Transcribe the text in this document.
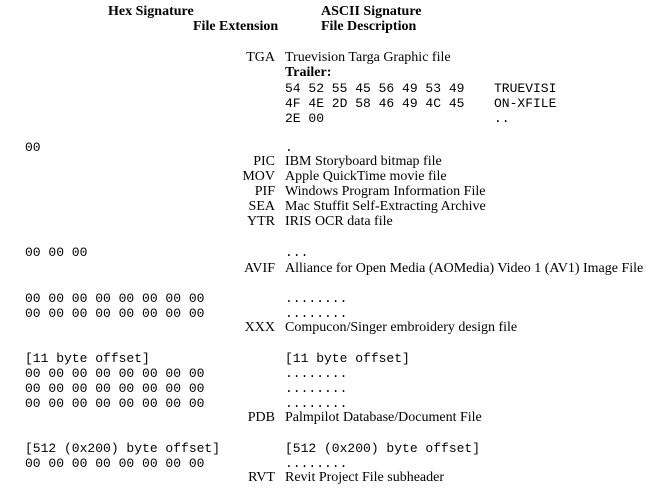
Hex Signature
File Extension
ASCII Signature
File Description
TGA Truevision Targa Graphic file
Trailer:
54 52 55 45 56 49 53 49
4F 4E 2D 58 46 49 4C 45
2E 00
TRUEVISI
ON-XFILE
..
00	.
PIC IBM Storyboard bitmap file
MOV Apple QuickTime movie file
PIF Windows Program Information File
SEA Mac Stuffit Self-Extracting Archive
YTR IRIS OCR data file
00 00 00	...
AVIF Alliance for Open Media (AOMedia) Video 1 (AV1) Image File
00 00 00 00 00 00 00 00
00 00 00 00 00 00 00 00
........
........
XXX Compucon/Singer embroidery design file
[11 byte offset]
00 00 00 00 00 00 00 00
00 00 00 00 00 00 00 00
00 00 00 00 00 00 00 00
[11 byte offset]
........
........
........
PDB Palmpilot Database/Document File
[512 (0x200) byte offset]
00 00 00 00 00 00 00 00
[512 (0x200) byte offset]
........
RVT Revit Project File subheader
